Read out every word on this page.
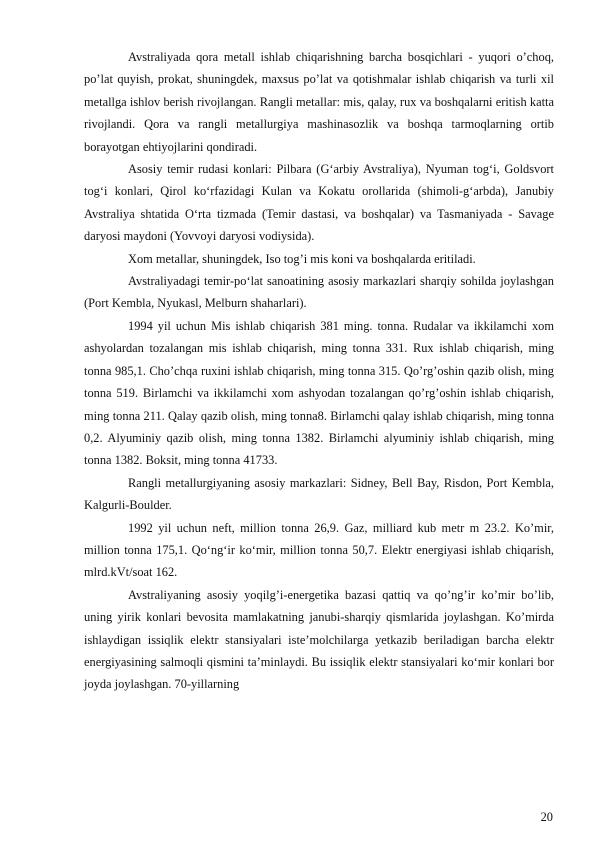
Avstraliyada qora metall ishlab chiqarishning barcha bosqichlari - yuqori o’choq, po’lat quyish, prokat, shuningdek, maxsus po’lat va qotishmalar ishlab chiqarish va turli xil metallga ishlov berish rivojlangan. Rangli metallar: mis, qalay, rux va boshqalarni eritish katta rivojlandi. Qora va rangli metallurgiya mashinasozlik va boshqa tarmoqlarning ortib borayotgan ehtiyojlarini qondiradi.

Asosiy temir rudasi konlari: Pilbara (G‘arbiy Avstraliya), Nyuman tog‘i, Goldsvort tog‘i konlari, Qirol ko‘rfazidagi Kulan va Kokatu orollarida (shimoli-g‘arbda), Janubiy Avstraliya shtatida O‘rta tizmada (Temir dastasi, va boshqalar) va Tasmaniyada - Savage daryosi maydoni (Yovvoyi daryosi vodiysida).

Xom metallar, shuningdek, Iso tog’i mis koni va boshqalarda eritiladi.

Avstraliyadagi temir-po‘lat sanoatining asosiy markazlari sharqiy sohilda joylashgan (Port Kembla, Nyukasl, Melburn shaharlari).

1994 yil uchun Mis ishlab chiqarish 381 ming. tonna. Rudalar va ikkilamchi xom ashyolardan tozalangan mis ishlab chiqarish, ming tonna 331. Rux ishlab chiqarish, ming tonna 985,1. Cho’chqa ruxini ishlab chiqarish, ming tonna 315. Qo’rg’oshin qazib olish, ming tonna 519. Birlamchi va ikkilamchi xom ashyodan tozalangan qo’rg’oshin ishlab chiqarish, ming tonna 211. Qalay qazib olish, ming tonna8. Birlamchi qalay ishlab chiqarish, ming tonna 0,2. Alyuminiy qazib olish, ming tonna 1382. Birlamchi alyuminiy ishlab chiqarish, ming tonna 1382. Boksit, ming tonna 41733.

Rangli metallurgiyaning asosiy markazlari: Sidney, Bell Bay, Risdon, Port Kembla, Kalgurli-Boulder.

1992 yil uchun neft, million tonna 26,9. Gaz, milliard kub metr m 23.2. Ko’mir, million tonna 175,1. Qo‘ng‘ir ko‘mir, million tonna 50,7. Elektr energiyasi ishlab chiqarish, mlrd.kVt/soat 162.

Avstraliyaning asosiy yoqilg’i-energetika bazasi qattiq va qo’ng’ir ko’mir bo’lib, uning yirik konlari bevosita mamlakatning janubi-sharqiy qismlarida joylashgan. Ko’mirda ishlaydigan issiqlik elektr stansiyalari iste’molchilarga yetkazib beriladigan barcha elektr energiyasining salmoqli qismini ta’minlaydi. Bu issiqlik elektr stansiyalari ko‘mir konlari bor joyda joylashgan. 70-yillarning

20
